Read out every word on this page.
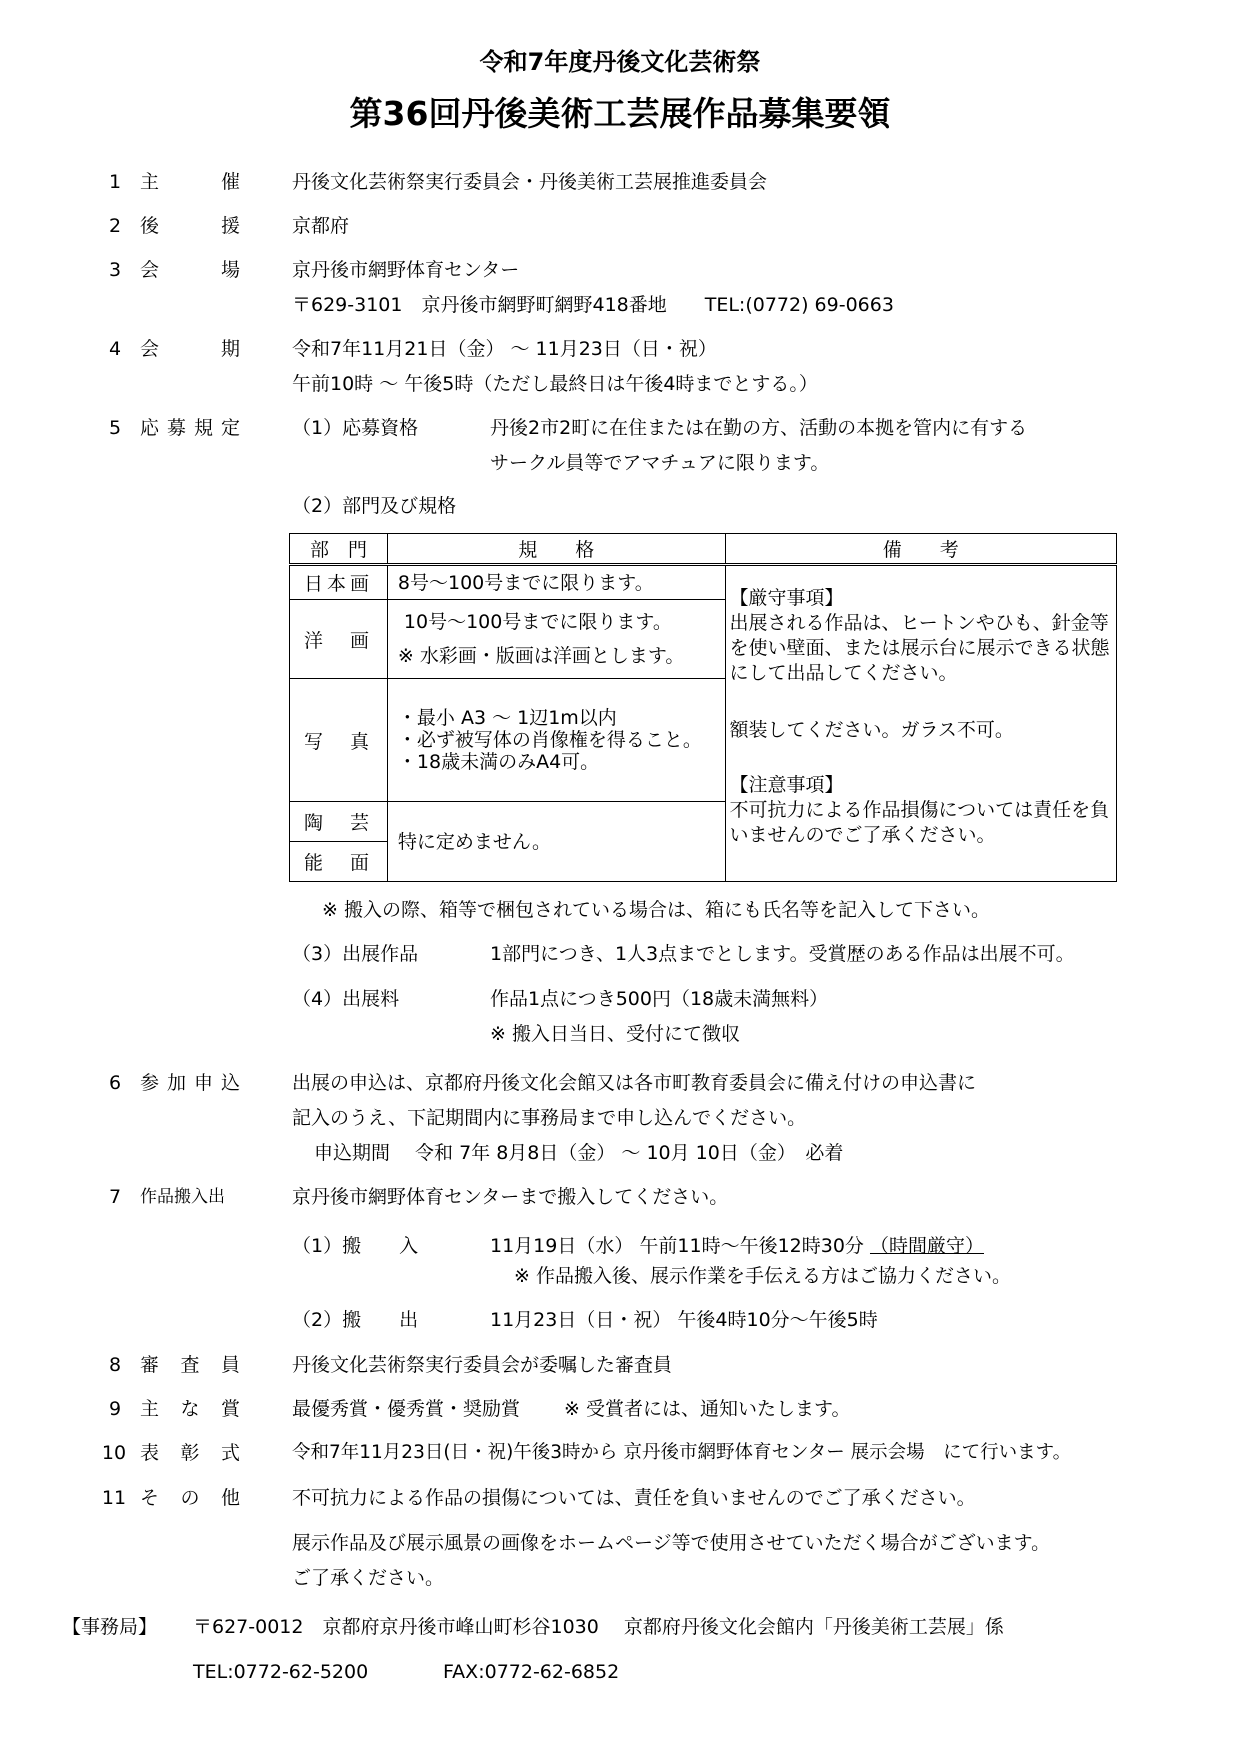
令和7年度丹後文化芸術祭
第36回丹後美術工芸展作品募集要領
1 主　　催	丹後文化芸術祭実行委員会・丹後美術工芸展推進委員会
2 後　　援	京都府
3 会　　場	京丹後市網野体育センター
〒629-3101　京丹後市網野町網野418番地　　TEL:(0772) 69-0663
4 会　　期	令和7年11月21日（金） ～ 11月23日（日・祝）
午前10時 ～ 午後5時（ただし最終日は午後4時までとする。）
5 応募規定	（1）応募資格	丹後2市2町に在住または在勤の方、活動の本拠を管内に有する
サークル員等でアマチュアに限ります。
（2）部門及び規格
部　門	規　　格	備　　考
日本画	8号～100号までに限ります。	【厳守事項】

出展される作品は、ヒートンやひも、針金等を使い壁面、または展示台に展示できる状態にして出品してください。

額装してください。ガラス不可。

【注意事項】

不可抗力による作品損傷については責任を負いませんのでご了承ください。

洋　画	10号～100号までに限ります。
※ 水彩画・版画は洋画とします。	

写　真	・最小 A3 ～ 1辺1m以内
・必ず被写体の肖像権を得ること。
・18歳未満のみA4可。	

陶　芸	特に定めません。	
能　面		
※ 搬入の際、箱等で梱包されている場合は、箱にも氏名等を記入して下さい。
（3）出展作品	1部門につき、1人3点までとします。受賞歴のある作品は出展不可。
（4）出展料	作品1点につき500円（18歳未満無料）
※ 搬入日当日、受付にて徴収
6 参加申込	出展の申込は、京都府丹後文化会館又は各市町教育委員会に備え付けの申込書に
記入のうえ、下記期間内に事務局まで申し込んでください。
申込期間　 令和 7年 8月8日（金） ～ 10月 10日（金）　必着
7	作品搬入出	京丹後市網野体育センターまで搬入してください。
（1）搬　　入	11月19日（水） 午前11時～午後12時30分 （時間厳守）
※ 作品搬入後、展示作業を手伝える方はご協力ください。
（2）搬　　出	11月23日（日・祝） 午後4時10分～午後5時
8 審　査　員	丹後文化芸術祭実行委員会が委嘱した審査員
9 主　な　賞	最優秀賞・優秀賞・奨励賞　　 ※ 受賞者には、通知いたします。
10 表　彰　式	令和7年11月23日(日・祝)午後3時から 京丹後市網野体育センター 展示会場　にて行います。
11 そ　の　他	不可抗力による作品の損傷については、責任を負いませんのでご了承ください。
展示作品及び展示風景の画像をホームページ等で使用させていただく場合がございます。
ご了承ください。
【事務局】 〒627-0012　京都府京丹後市峰山町杉谷1030　 京都府丹後文化会館内「丹後美術工芸展」係
TEL:0772-62-5200	FAX:0772-62-6852
